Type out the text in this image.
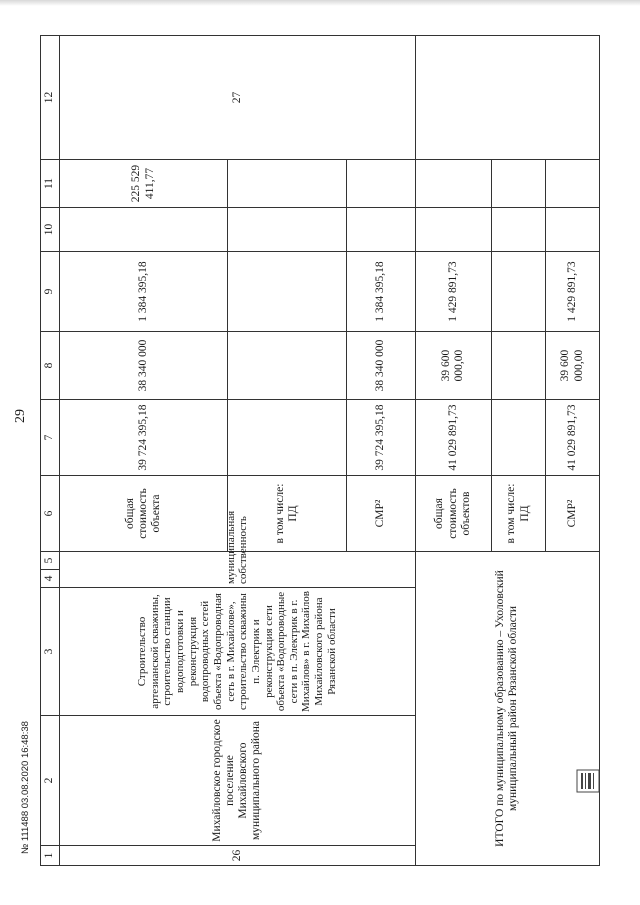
29
1	2	3	4	5	6	7	8	9	10	11	12
26	Михайловское городское поселение Михайловского муниципального района	Строительство артезианской скважины, строительство станции водоподготовки и реконструкция водопроводных сетей объекта «Водопроводная сеть в г. Михайлове», строительство скважины п. Электрик и реконструкция сети объекта «Водопроводные сети в п. Электрик в г. Михайлов» в г. Михайлов Михайловского района Рязанской области	муниципальная собственность		общая стоимость объекта	39 724 395,18	38 340 000	1 384 395,18		225 529 411,77	27
					в том числе: ПД						
					СМР²	39 724 395,18	38 340 000	1 384 395,18			
ИТОГО по муниципальному образованию – Ухоловский муниципальный район Рязанской области					общая стоимость объектов	41 029 891,73	39 600 000,00	1 429 891,73			
					в том числе: ПД						
					СМР²	41 029 891,73	39 600 000,00	1 429 891,73			
№ 111488 03.08.2020 16:48:38
